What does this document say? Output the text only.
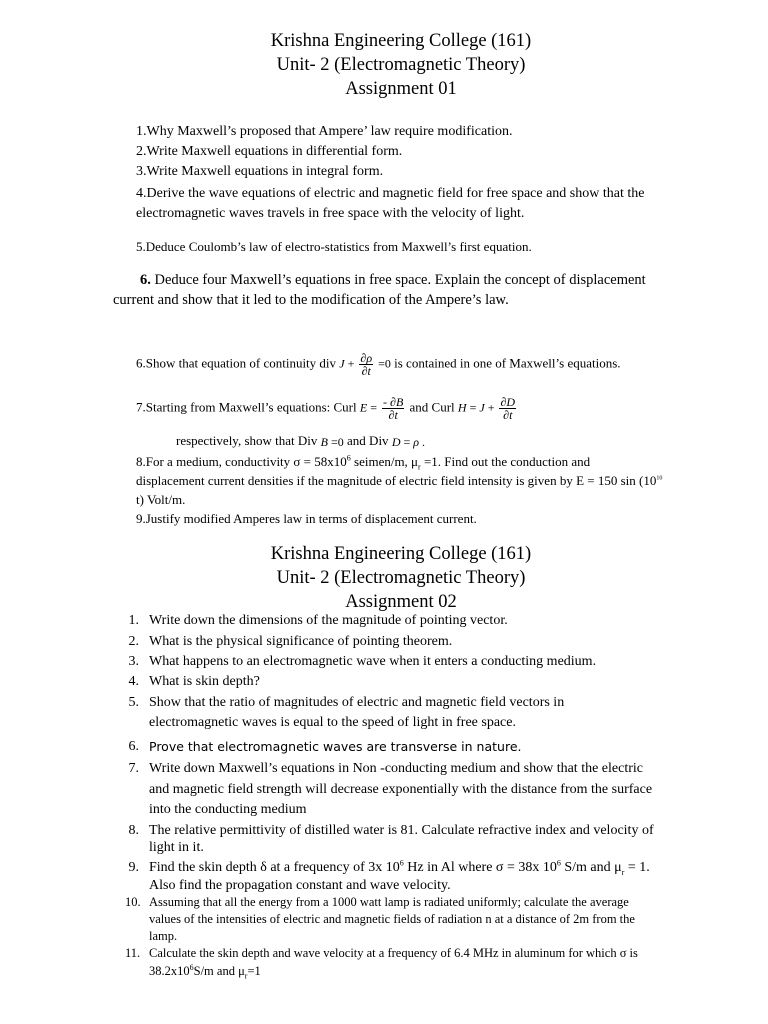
Krishna Engineering College (161)
Unit- 2 (Electromagnetic Theory)
Assignment 01
1.Why Maxwell’s proposed that Ampere’ law require modification.
2.Write Maxwell equations in differential form.
3.Write Maxwell equations in integral form.
4.Derive the wave equations of electric and magnetic field for free space and show that the
electromagnetic waves travels in free space with the velocity of light.
5.Deduce Coulomb’s law of electro-statistics from Maxwell’s first equation.
6. Deduce four Maxwell’s equations in free space. Explain the concept of displacement
current and show that it led to the modification of the Ampere’s law.
6.Show that equation of continuity div $J + \frac{\partial\rho}{\partial t} =0$ is contained in one of Maxwell’s equations.
7.Starting from Maxwell’s equations: Curl $E = \frac{- \partial B}{\partial t}$ and Curl $H = J + \frac{\partial D}{\partial t}$
respectively, show that Div B =0 and Div D = ρ .
8.For a medium, conductivity $\sigma = 58x10^6$ seimen/m, $\mu_r =1$. Find out the conduction and
displacement current densities if the magnitude of electric field intensity is given by E = 150 $\sin (10^{10}$
t) Volt/m.
9.Justify modified Amperes law in terms of displacement current.
Krishna Engineering College (161)
Unit- 2 (Electromagnetic Theory)
Assignment 02
1. Write down the dimensions of the magnitude of pointing vector.
2. What is the physical significance of pointing theorem.
3. What happens to an electromagnetic wave when it enters a conducting medium.
4. What is skin depth?
5. Show that the ratio of magnitudes of electric and magnetic field vectors in
electromagnetic waves is equal to the speed of light in free space.
6. Prove that electromagnetic waves are transverse in nature.
7. Write down Maxwell’s equations in Non -conducting medium and show that the electric
and magnetic field strength will decrease exponentially with the distance from the surface
into the conducting medium
8. The relative permittivity of distilled water is 81. Calculate refractive index and velocity of
light in it.
9. Find the skin depth δ at a frequency of 3x $10^6$ Hz in Al where σ = 38x $10^6$ S/m and $\mu_r = 1$.
Also find the propagation constant and wave velocity.
10. Assuming that all the energy from a 1000 watt lamp is radiated uniformly; calculate the average
values of the intensities of electric and magnetic fields of radiation n at a distance of 2m from the
lamp.
11. Calculate the skin depth and wave velocity at a frequency of 6.4 MHz in aluminum for which σ is
$38.2x10^6S/m$ and $\mu_r=1$
